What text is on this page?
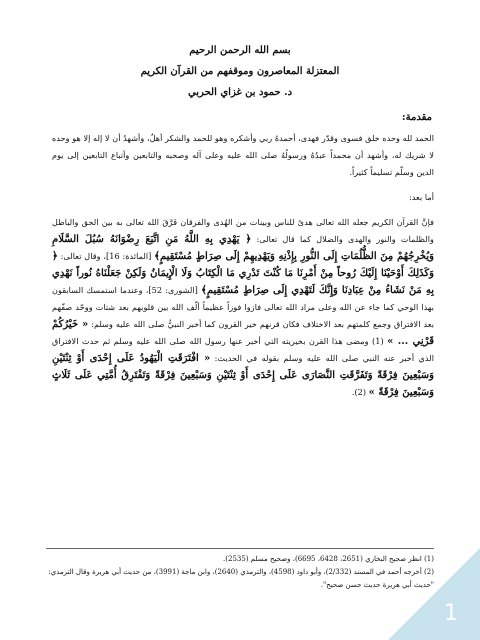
بسم الله الرحمن الرحيم
المعتزلة المعاصرون وموقفهم من القرآن الكريم
د. حمود بن غزاي الحربي
مقدمة:

الحمد لله وحده خلق فسوى وقدّر فهدى، أحمدهُ ربي وأشكره وهو للحمد والشكر أهلٌ، وأشهدُ أن لا إله إلا هو وحده لا شريك له، وأشهد أن محمداً عبدُهُ ورسولُهُ صلى الله عليه وعلى آله وصحبه والتابعين وأتباع التابعين إلى يوم الدين وسلّم تسليماً كثيراً.

أما بعد:

فإنَّ القرآن الكريم جعله الله تعالى هدىً للناس وبينات من الهُدى والفرقان فَرَّقَ الله تعالى به بين الحق والباطل والظلمات والنور والهدى والضلال كما قال تعالى: ﴿ يَهْدِي بِهِ اللَّهُ مَنِ اتَّبَعَ رِضْوَانَهُ سُبُلَ السَّلَامِ وَيُخْرِجُهُمْ مِنَ الظُّلُمَاتِ إِلَى النُّورِ بِإِذْنِهِ وَيَهْدِيهِمْ إِلَى صِرَاطٍ مُسْتَقِيمٍ﴾ [المائدة: 16]، وقال تعالى: ﴿ وَكَذَلِكَ أَوْحَيْنَا إِلَيْكَ رُوحاً مِنْ أَمْرِنَا مَا كُنْتَ تَدْرِي مَا الْكِتَابُ وَلَا الْإِيمَانُ وَلَكِنْ جَعَلْنَاهُ نُوراً نَهْدِي بِهِ مَنْ نَشَاءُ مِنْ عِبَادِنَا وَإِنَّكَ لَتَهْدِي إِلَى صِرَاطٍ مُسْتَقِيمٍ﴾ [الشورى: 52]، وعندما استمسك السابقون بهذا الوحي كما جاء عن الله وعلى مراد الله تعالى فازوا فوزاً عظيماً ألّف الله بين قلوبهم بعد شتات ووحّد صفّهم بعد الافتراق وجمع كلمتهم بعد الاختلاف فكان قرنهم خير القرون كما أخبر النبيُّ صلى الله عليه وسلم: « خَيْرُكُمْ قَرْنِي ... » (1) ومضى هذا القرن بخيريته التي أخبر عنها رسول الله صلى الله عليه وسلم ثم حدث الافتراق الذي أخبر عنه النبي صلى الله عليه وسلم بقوله في الحديث: « افْتَرَقَتِ الْيَهُودُ عَلَى إِحْدَى أَوْ ثِنْتَيْنِ وَسَبْعِينَ فِرْقَةً وَتَفَرَّقَتِ النَّصَارَى عَلَى إِحْدَى أَوْ ثِنْتَيْنِ وَسَبْعِينَ فِرْقَةً وَتَفْتَرِقُ أُمَّتِي عَلَى ثَلَاثٍ وَسَبْعِينَ فِرْقَةً » (2).

(1) انظر صحيح البخاري (2651، 6428، 6695)، وصحيح مسلم (2535).
(2) أخرجه أحمد في المسند (2/332)، وأبو داود (4598)، والترمذي (2640)، وابن ماجة (3991)، من حديث أبي هريرة وقال الترمذي: "حديث أبي هريرة حديث حسن صحيح".
1
